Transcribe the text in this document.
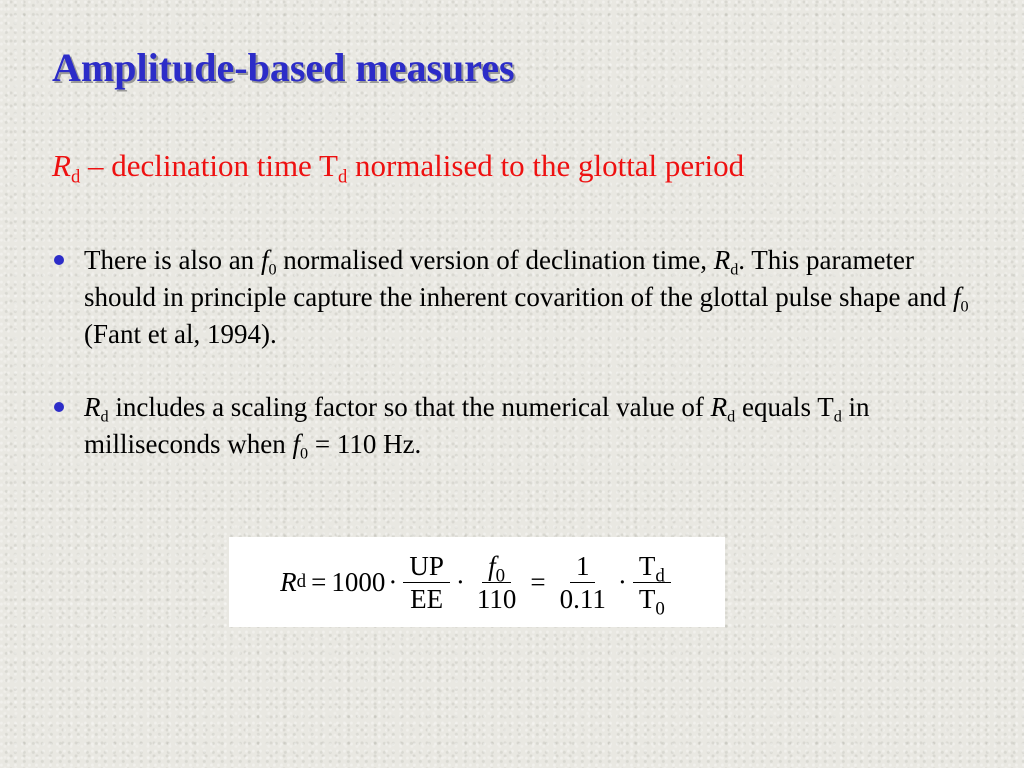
Amplitude-based measures
$R_d$ – declination time $T_d$ normalised to the glottal period
There is also an $f_0$ normalised version of declination time, $R_d$. This parameter should in principle capture the inherent covarition of the glottal pulse shape and $f_0$ (Fant et al, 1994).
$R_d$ includes a scaling factor so that the numerical value of $R_d$ equals $T_d$ in milliseconds when $f_0 = 110$ Hz.
R $d = 1000 \cdot \frac{UP}{EE} \cdot \frac{f_0}{110} = \frac{1}{0.11} \cdot \frac{T_d}{T_0}$
